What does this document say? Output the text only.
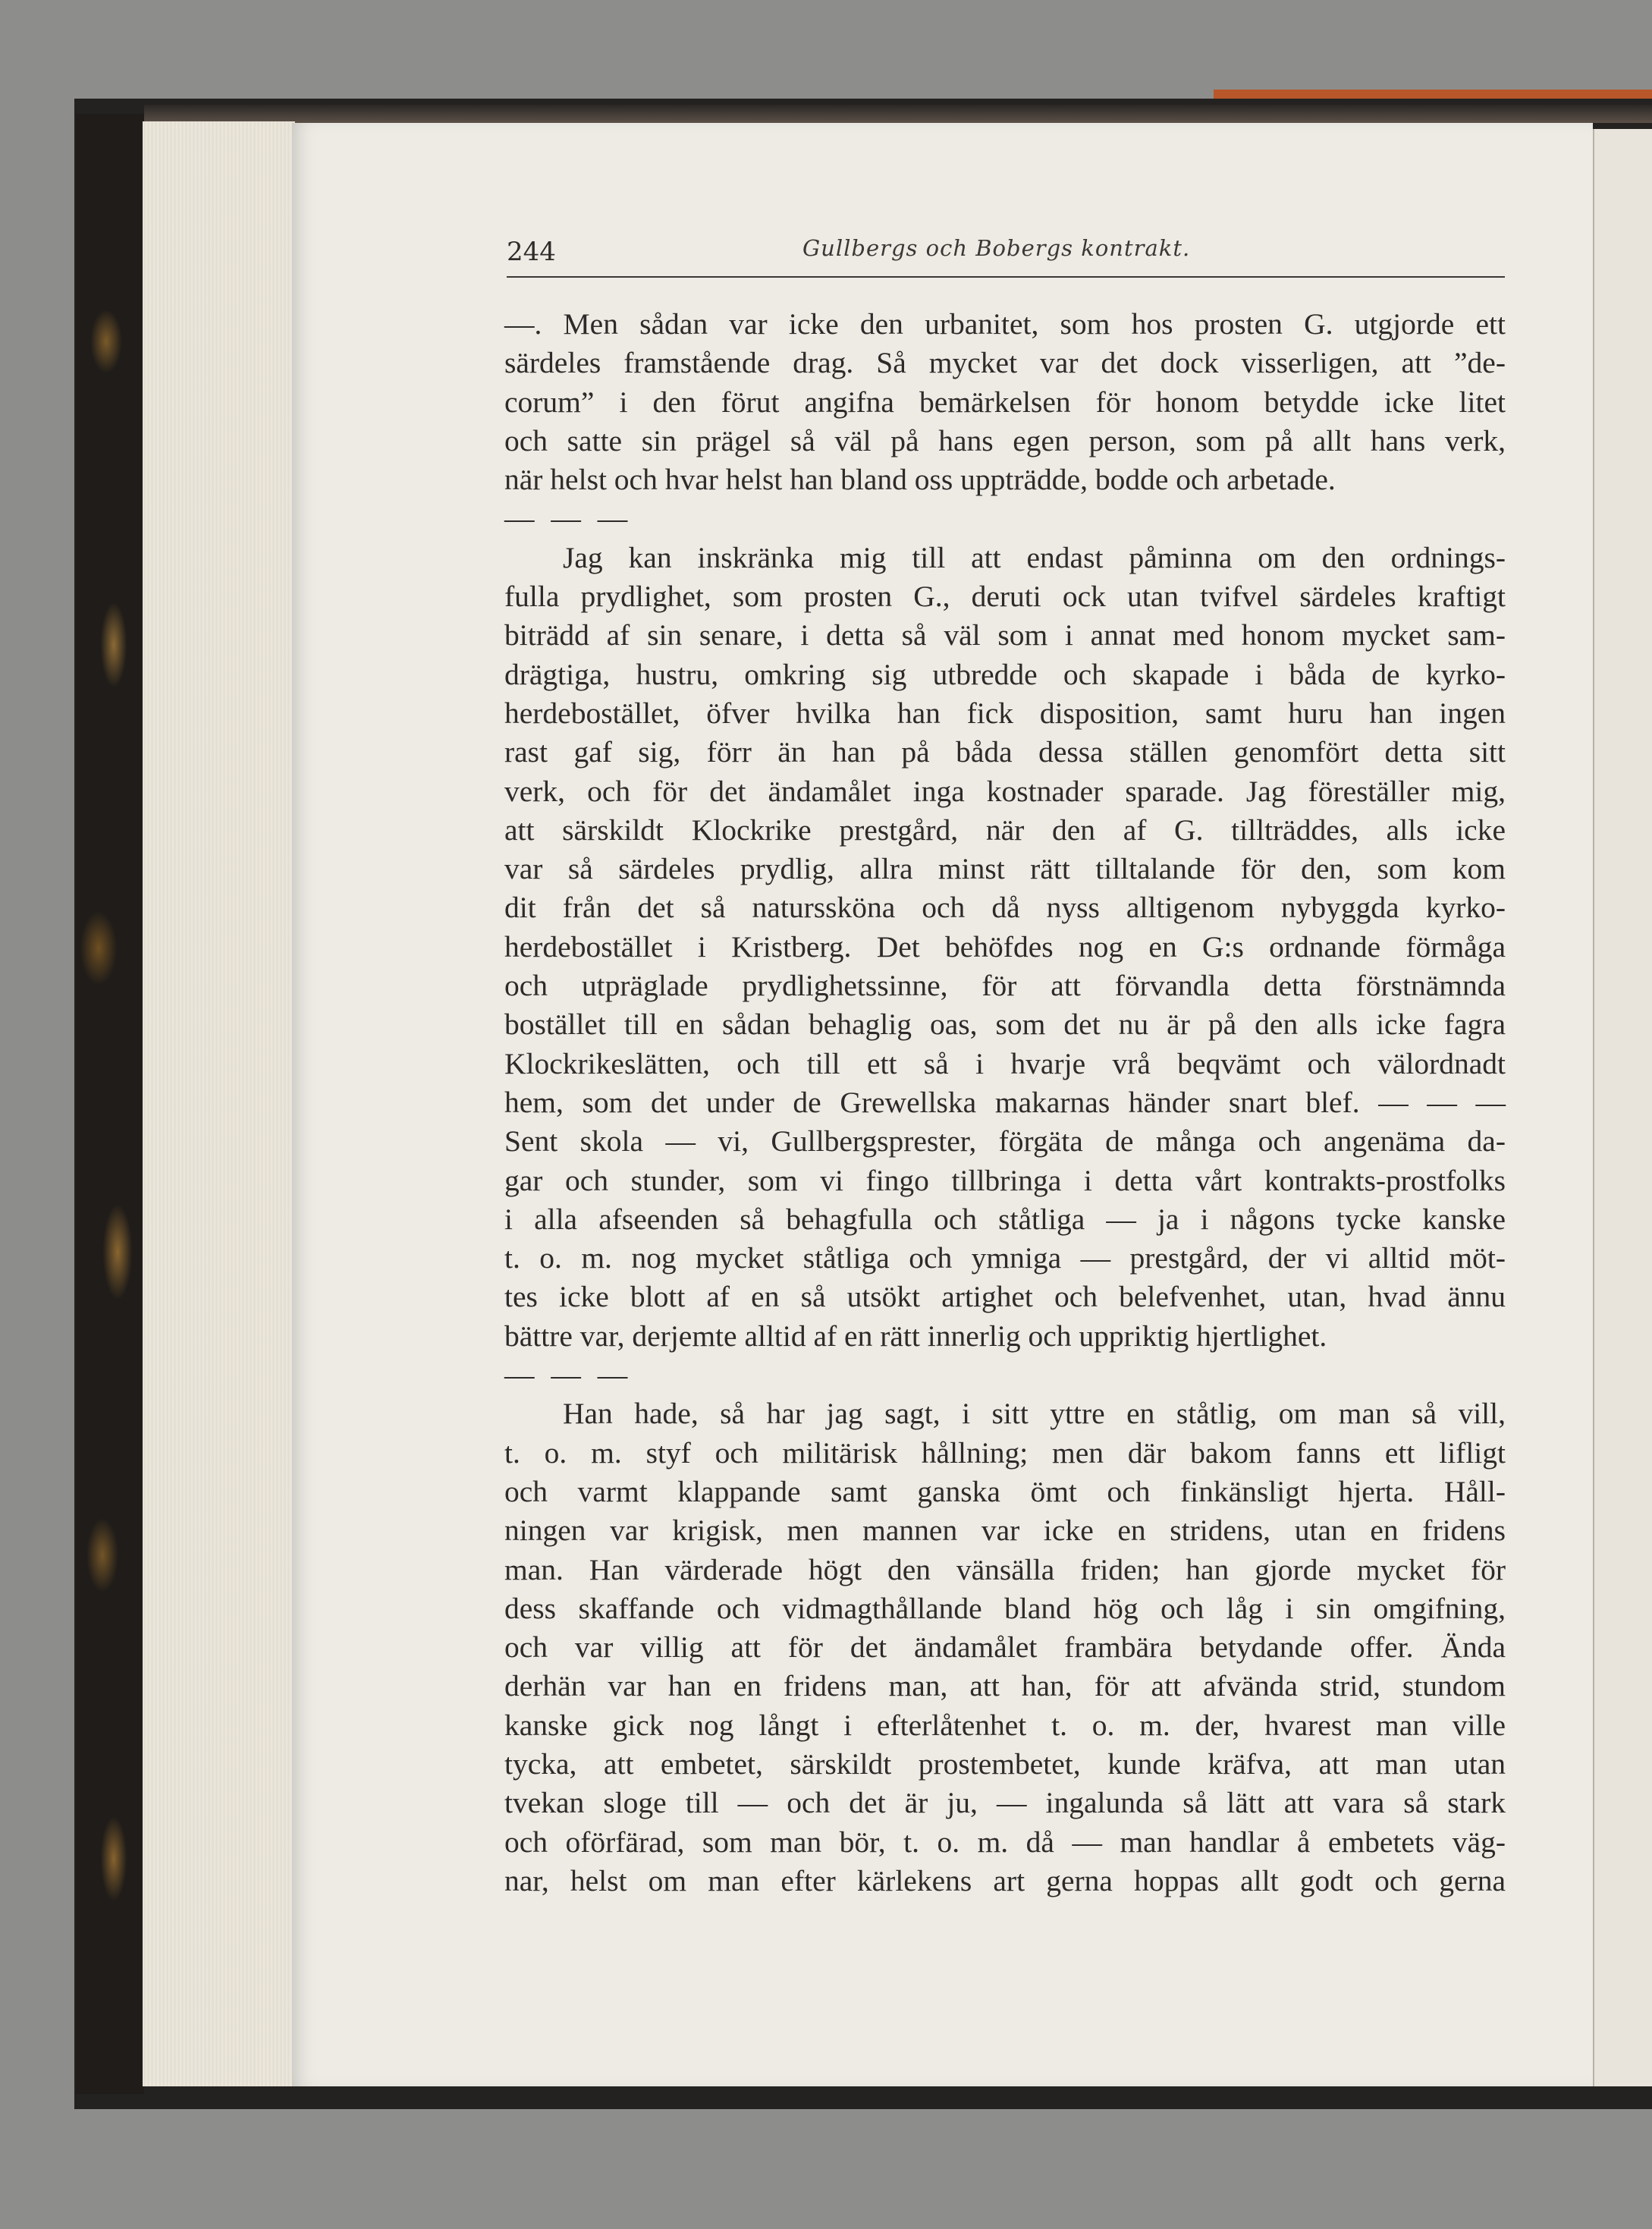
244	Gullbergs och Bobergs kontrakt.
—. Men sådan var icke den urbanitet, som hos prosten G. utgjorde ett
särdeles framstående drag. Så mycket var det dock visserligen, att ”de-
corum” i den förut angifna bemärkelsen för honom betydde icke litet
och satte sin prägel så väl på hans egen person, som på allt hans verk,
när helst och hvar helst han bland oss uppträdde, bodde och arbetade.
— — —
Jag kan inskränka mig till att endast påminna om den ordnings-
fulla prydlighet, som prosten G., deruti ock utan tvifvel särdeles kraftigt
biträdd af sin senare, i detta så väl som i annat med honom mycket sam-
drägtiga, hustru, omkring sig utbredde och skapade i båda de kyrko-
herdebostället, öfver hvilka han fick disposition, samt huru han ingen
rast gaf sig, förr än han på båda dessa ställen genomfört detta sitt
verk, och för det ändamålet inga kostnader sparade. Jag föreställer mig,
att särskildt Klockrike prestgård, när den af G. tillträddes, alls icke
var så särdeles prydlig, allra minst rätt tilltalande för den, som kom
dit från det så naturssköna och då nyss alltigenom nybyggda kyrko-
herdebostället i Kristberg. Det behöfdes nog en G:s ordnande förmåga
och utpräglade prydlighetssinne, för att förvandla detta förstnämnda
bostället till en sådan behaglig oas, som det nu är på den alls icke fagra
Klockrikeslätten, och till ett så i hvarje vrå beqvämt och välordnadt
hem, som det under de Grewellska makarnas händer snart blef. — — —
Sent skola — vi, Gullbergsprester, förgäta de många och angenäma da-
gar och stunder, som vi fingo tillbringa i detta vårt kontrakts-prostfolks
i alla afseenden så behagfulla och ståtliga — ja i någons tycke kanske
t. o. m. nog mycket ståtliga och ymniga — prestgård, der vi alltid möt-
tes icke blott af en så utsökt artighet och belefvenhet, utan, hvad ännu
bättre var, derjemte alltid af en rätt innerlig och uppriktig hjertlighet.
— — —
Han hade, så har jag sagt, i sitt yttre en ståtlig, om man så vill,
t. o. m. styf och militärisk hållning; men där bakom fanns ett lifligt
och varmt klappande samt ganska ömt och finkänsligt hjerta. Håll-
ningen var krigisk, men mannen var icke en stridens, utan en fridens
man. Han värderade högt den vänsälla friden; han gjorde mycket för
dess skaffande och vidmagthållande bland hög och låg i sin omgifning,
och var villig att för det ändamålet frambära betydande offer. Ända
derhän var han en fridens man, att han, för att afvända strid, stundom
kanske gick nog långt i efterlåtenhet t. o. m. der, hvarest man ville
tycka, att embetet, särskildt prostembetet, kunde kräfva, att man utan
tvekan sloge till — och det är ju, — ingalunda så lätt att vara så stark
och oförfärad, som man bör, t. o. m. då — man handlar å embetets väg-
nar, helst om man efter kärlekens art gerna hoppas allt godt och gerna
